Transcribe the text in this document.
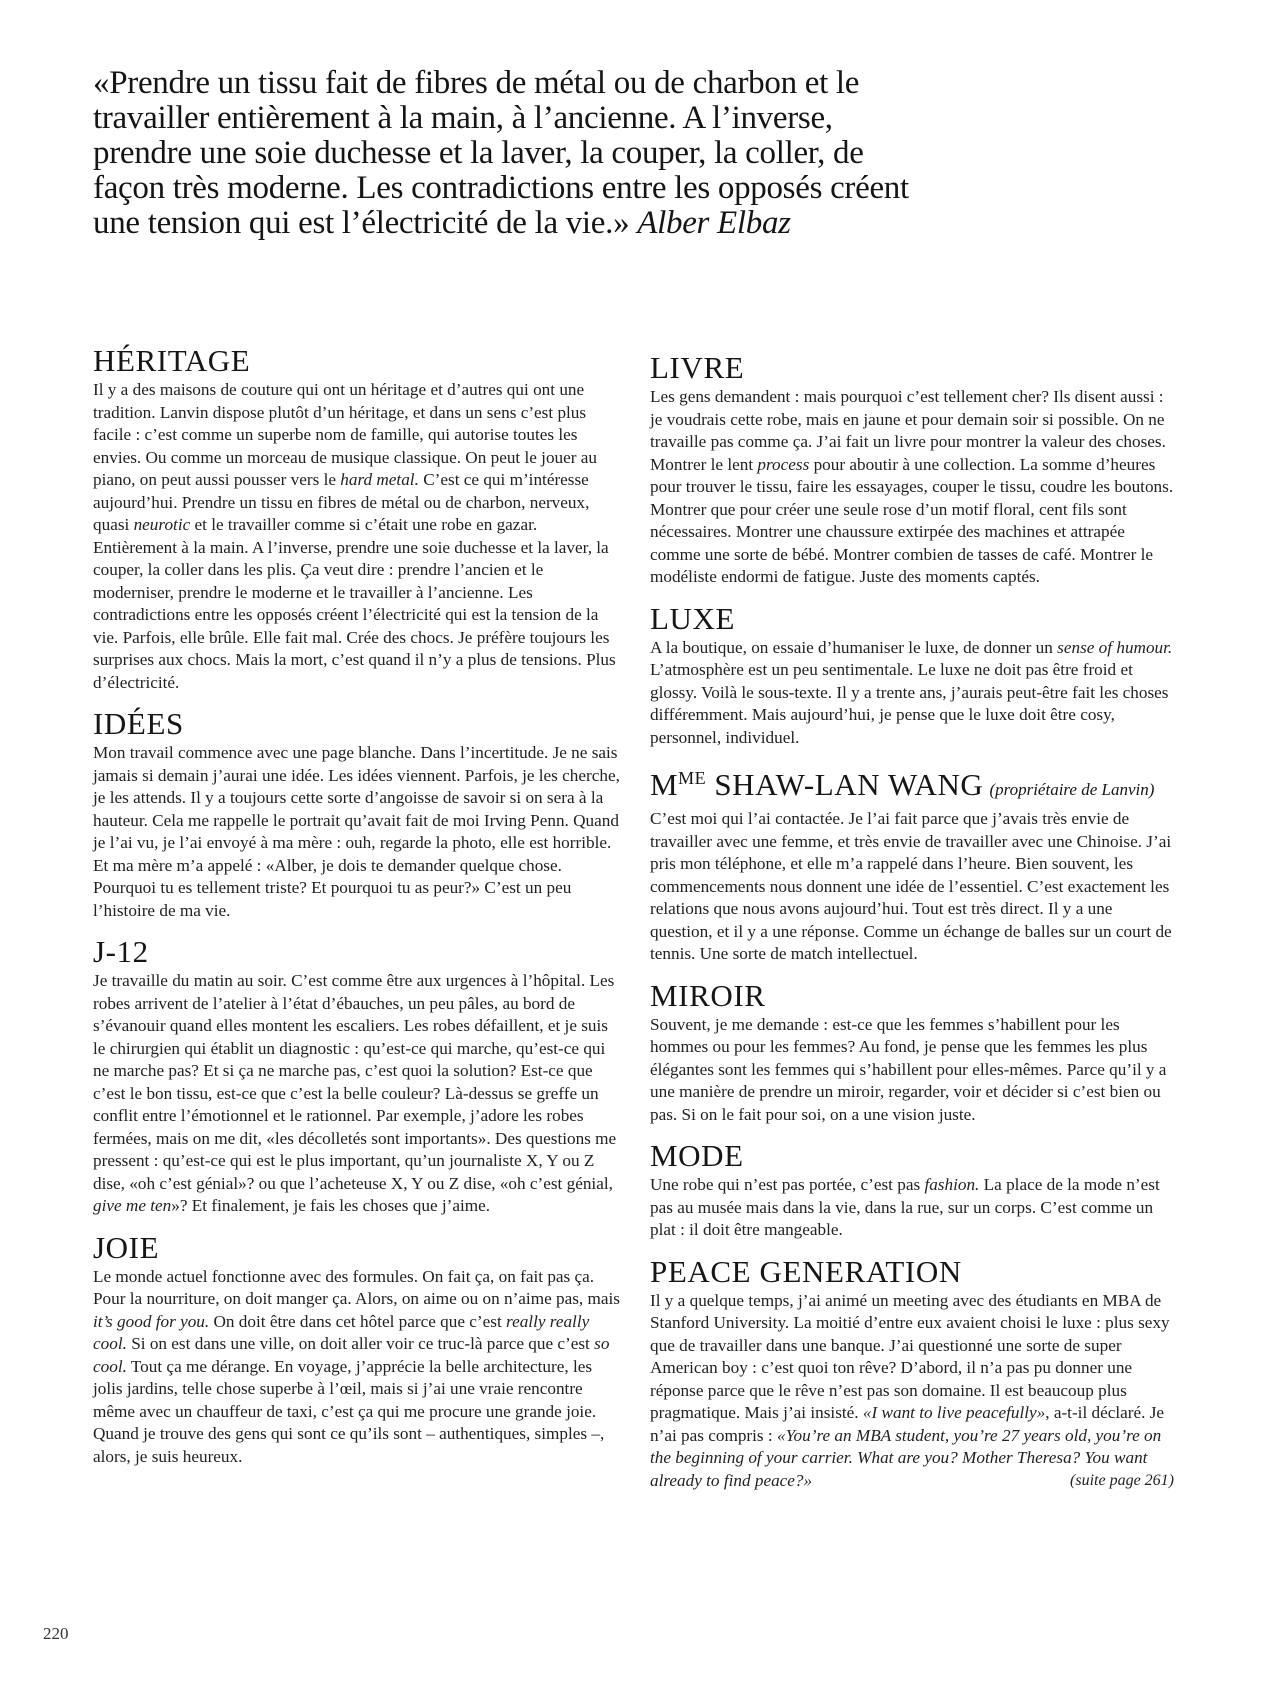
«Prendre un tissu fait de fibres de métal ou de charbon et le travailler entièrement à la main, à l’ancienne. A l’inverse, prendre une soie duchesse et la laver, la couper, la coller, de façon très moderne. Les contradictions entre les opposés créent une tension qui est l’électricité de la vie.» Alber Elbaz
HÉRITAGE

Il y a des maisons de couture qui ont un héritage et d’autres qui ont une tradition. Lanvin dispose plutôt d’un héritage, et dans un sens c’est plus facile : c’est comme un superbe nom de famille, qui autorise toutes les envies. Ou comme un morceau de musique classique. On peut le jouer au piano, on peut aussi pousser vers le hard metal. C’est ce qui m’intéresse aujourd’hui. Prendre un tissu en fibres de métal ou de charbon, nerveux, quasi neurotic et le travailler comme si c’était une robe en gazar. Entièrement à la main. A l’inverse, prendre une soie duchesse et la laver, la couper, la coller dans les plis. Ça veut dire : prendre l’ancien et le moderniser, prendre le moderne et le travailler à l’ancienne. Les contradictions entre les opposés créent l’électricité qui est la tension de la vie. Parfois, elle brûle. Elle fait mal. Crée des chocs. Je préfère toujours les surprises aux chocs. Mais la mort, c’est quand il n’y a plus de tensions. Plus d’électricité.

IDÉES

Mon travail commence avec une page blanche. Dans l’incertitude. Je ne sais jamais si demain j’aurai une idée. Les idées viennent. Parfois, je les cherche, je les attends. Il y a toujours cette sorte d’angoisse de savoir si on sera à la hauteur. Cela me rappelle le portrait qu’avait fait de moi Irving Penn. Quand je l’ai vu, je l’ai envoyé à ma mère : ouh, regarde la photo, elle est horrible. Et ma mère m’a appelé : «Alber, je dois te demander quelque chose. Pourquoi tu es tellement triste? Et pourquoi tu as peur?» C’est un peu l’histoire de ma vie.

J-12

Je travaille du matin au soir. C’est comme être aux urgences à l’hôpital. Les robes arrivent de l’atelier à l’état d’ébauches, un peu pâles, au bord de s’évanouir quand elles montent les escaliers. Les robes défaillent, et je suis le chirurgien qui établit un diagnostic : qu’est-ce qui marche, qu’est-ce qui ne marche pas? Et si ça ne marche pas, c’est quoi la solution? Est-ce que c’est le bon tissu, est-ce que c’est la belle couleur? Là-dessus se greffe un conflit entre l’émotionnel et le rationnel. Par exemple, j’adore les robes fermées, mais on me dit, «les décolletés sont importants». Des questions me pressent : qu’est-ce qui est le plus important, qu’un journaliste X, Y ou Z dise, «oh c’est génial»? ou que l’acheteuse X, Y ou Z dise, «oh c’est génial, give me ten»? Et finalement, je fais les choses que j’aime.

JOIE

Le monde actuel fonctionne avec des formules. On fait ça, on fait pas ça. Pour la nourriture, on doit manger ça. Alors, on aime ou on n’aime pas, mais it’s good for you. On doit être dans cet hôtel parce que c’est really really cool. Si on est dans une ville, on doit aller voir ce truc-là parce que c’est so cool. Tout ça me dérange. En voyage, j’apprécie la belle architecture, les jolis jardins, telle chose superbe à l’œil, mais si j’ai une vraie rencontre même avec un chauffeur de taxi, c’est ça qui me procure une grande joie. Quand je trouve des gens qui sont ce qu’ils sont – authentiques, simples –, alors, je suis heureux.

LIVRE

Les gens demandent : mais pourquoi c’est tellement cher? Ils disent aussi : je voudrais cette robe, mais en jaune et pour demain soir si possible. On ne travaille pas comme ça. J’ai fait un livre pour montrer la valeur des choses. Montrer le lent process pour aboutir à une collection. La somme d’heures pour trouver le tissu, faire les essayages, couper le tissu, coudre les boutons. Montrer que pour créer une seule rose d’un motif floral, cent fils sont nécessaires. Montrer une chaussure extirpée des machines et attrapée comme une sorte de bébé. Montrer combien de tasses de café. Montrer le modéliste endormi de fatigue. Juste des moments captés.

LUXE

A la boutique, on essaie d’humaniser le luxe, de donner un sense of humour. L’atmosphère est un peu sentimentale. Le luxe ne doit pas être froid et glossy. Voilà le sous-texte. Il y a trente ans, j’aurais peut-être fait les choses différemment. Mais aujourd’hui, je pense que le luxe doit être cosy, personnel, individuel.

$M^{ME}$ SHAW-LAN WANG (propriétaire de Lanvin)

C’est moi qui l’ai contactée. Je l’ai fait parce que j’avais très envie de travailler avec une femme, et très envie de travailler avec une Chinoise. J’ai pris mon téléphone, et elle m’a rappelé dans l’heure. Bien souvent, les commencements nous donnent une idée de l’essentiel. C’est exactement les relations que nous avons aujourd’hui. Tout est très direct. Il y a une question, et il y a une réponse. Comme un échange de balles sur un court de tennis. Une sorte de match intellectuel.

MIROIR

Souvent, je me demande : est-ce que les femmes s’habillent pour les hommes ou pour les femmes? Au fond, je pense que les femmes les plus élégantes sont les femmes qui s’habillent pour elles-mêmes. Parce qu’il y a une manière de prendre un miroir, regarder, voir et décider si c’est bien ou pas. Si on le fait pour soi, on a une vision juste.

MODE

Une robe qui n’est pas portée, c’est pas fashion. La place de la mode n’est pas au musée mais dans la vie, dans la rue, sur un corps. C’est comme un plat : il doit être mangeable.

PEACE GENERATION

Il y a quelque temps, j’ai animé un meeting avec des étudiants en MBA de Stanford University. La moitié d’entre eux avaient choisi le luxe : plus sexy que de travailler dans une banque. J’ai questionné une sorte de super American boy : c’est quoi ton rêve? D’abord, il n’a pas pu donner une réponse parce que le rêve n’est pas son domaine. Il est beaucoup plus pragmatique. Mais j’ai insisté. «I want to live peacefully», a-t-il déclaré. Je n’ai pas compris : «You’re an MBA student, you’re 27 years old, you’re on the beginning of your carrier. What are you? Mother Theresa? You want already to find peace?»	(suite page 261)

220
